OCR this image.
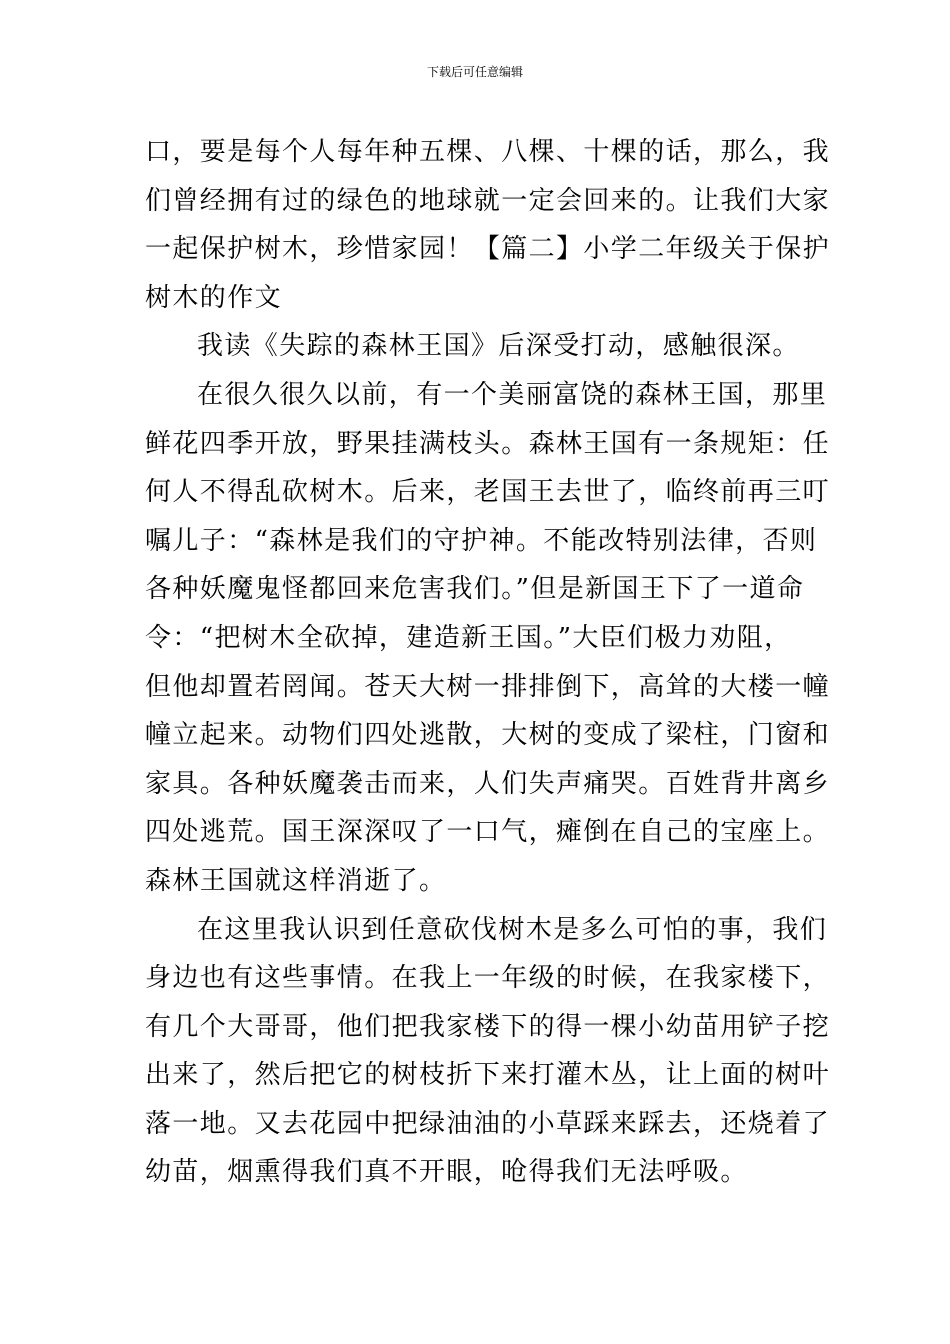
下载后可任意编辑

口，要是每个人每年种五棵、八棵、十棵的话，那么，我

们曾经拥有过的绿色的地球就一定会回来的。让我们大家

一起保护树木，珍惜家园！【篇二】小学二年级关于保护

树木的作文

我读《失踪的森林王国》后深受打动，感触很深。

在很久很久以前，有一个美丽富饶的森林王国，那里

鲜花四季开放，野果挂满枝头。森林王国有一条规矩：任

何人不得乱砍树木。后来，老国王去世了，临终前再三叮

嘱儿子：“森林是我们的守护神。不能改特别法律，否则

各种妖魔鬼怪都回来危害我们。”但是新国王下了一道命

令：“把树木全砍掉，建造新王国。”大臣们极力劝阻，

但他却置若罔闻。苍天大树一排排倒下，高耸的大楼一幢

幢立起来。动物们四处逃散，大树的变成了梁柱，门窗和

家具。各种妖魔袭击而来，人们失声痛哭。百姓背井离乡

四处逃荒。国王深深叹了一口气，瘫倒在自己的宝座上。

森林王国就这样消逝了。

在这里我认识到任意砍伐树木是多么可怕的事，我们

身边也有这些事情。在我上一年级的时候，在我家楼下，

有几个大哥哥，他们把我家楼下的得一棵小幼苗用铲子挖

出来了，然后把它的树枝折下来打灌木丛，让上面的树叶

落一地。又去花园中把绿油油的小草踩来踩去，还烧着了

幼苗，烟熏得我们真不开眼，呛得我们无法呼吸。
